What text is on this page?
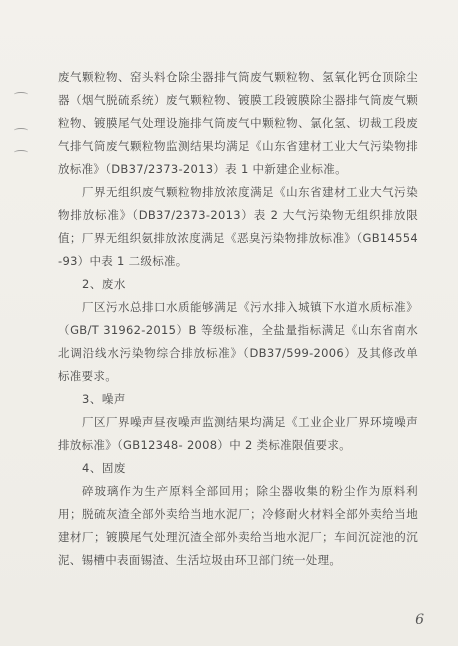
废气颗粒物、窑头料仓除尘器排气筒废气颗粒物、氢氧化钙仓顶除尘器（烟气脱硫系统）废气颗粒物、镀膜工段镀膜除尘器排气筒废气颗粒物、镀膜尾气处理设施排气筒废气中颗粒物、氯化氢、切裁工段废气排气筒废气颗粒物监测结果均满足《山东省建材工业大气污染物排放标准》（DB37/2373-2013）表 1 中新建企业标准。

厂界无组织废气颗粒物排放浓度满足《山东省建材工业大气污染物排放标准》（DB37/2373-2013）表 2 大气污染物无组织排放限值；厂界无组织氨排放浓度满足《恶臭污染物排放标准》（GB14554-93）中表 1 二级标准。

2、废水

厂区污水总排口水质能够满足《污水排入城镇下水道水质标准》（GB/T 31962-2015）B 等级标准，全盐量指标满足《山东省南水北调沿线水污染物综合排放标准》（DB37/599-2006）及其修改单标准要求。

3、噪声

厂区厂界噪声昼夜噪声监测结果均满足《工业企业厂界环境噪声排放标准》（GB12348- 2008）中 2 类标准限值要求。

4、固废

碎玻璃作为生产原料全部回用；除尘器收集的粉尘作为原料利用；脱硫灰渣全部外卖给当地水泥厂；冷修耐火材料全部外卖给当地建材厂；镀膜尾气处理沉渣全部外卖给当地水泥厂；车间沉淀池的沉泥、锡槽中表面锡渣、生活垃圾由环卫部门统一处理。

6
